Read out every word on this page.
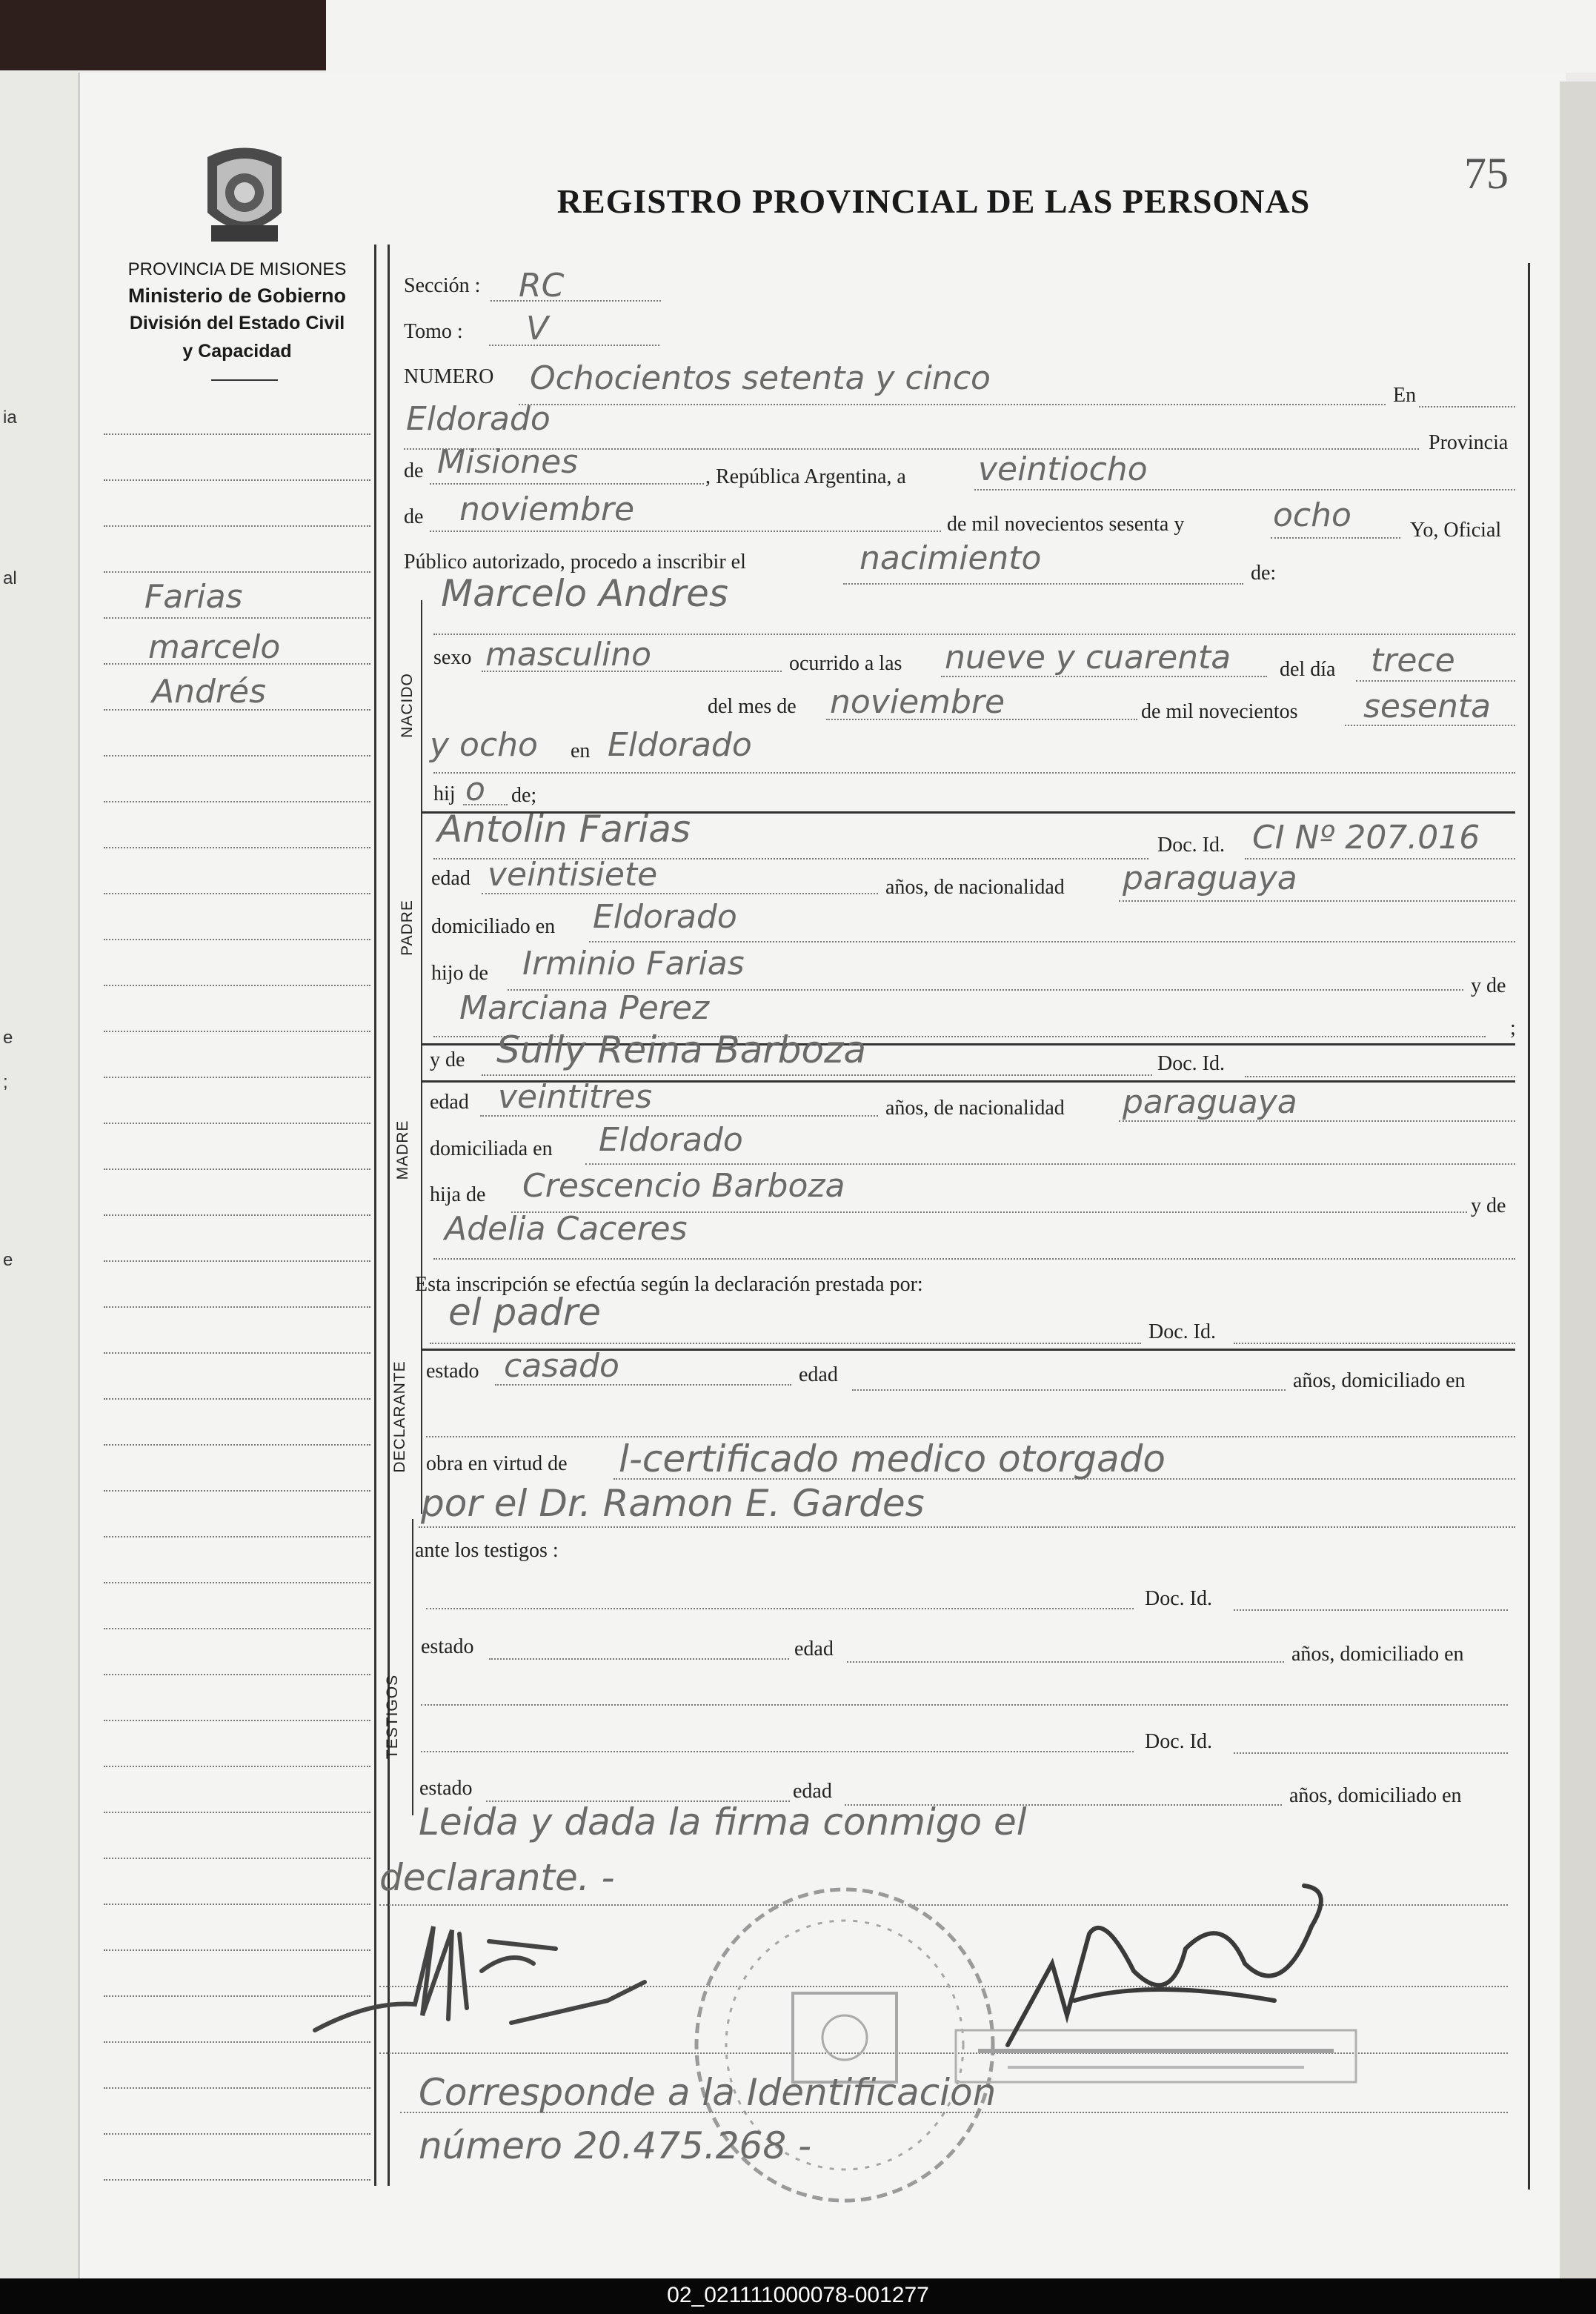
ia
al
e
;
e
REGISTRO PROVINCIAL DE LAS PERSONAS
75
PROVINCIA DE MISIONES
Ministerio de Gobierno
División del Estado Civil
y Capacidad
Farias
marcelo
Andrés	NACIDO
PADRE
MADRE
DECLARANTE
TESTIGOS
Sección : RC
Tomo : V
NUMERO Ochocientos setenta y cinco	En
Eldorado
Provincia
de Misiones	, República Argentina, a veintiocho
de noviembre	de mil novecientos sesenta y	ocho	Yo, Oficial
Público autorizado, procedo a inscribir el	nacimiento	de:
Marcelo Andres
sexo masculino	ocurrido a las nueve y cuarenta del día trece
del mes de noviembre	de mil novecientos sesenta
y ocho en Eldorado
hij o de;
Antolin Farias	Doc. Id. CI Nº 207.016
edad veintisiete	años, de nacionalidad paraguaya
domiciliado en Eldorado
hijo de Irminio Farias
y de
Marciana Perez
;
y de Sully Reina Barboza	Doc. Id.
edad veintitres	años, de nacionalidad paraguaya
domiciliada en Eldorado
hija de Crescencio Barboza
y de
Adelia Caceres
Esta inscripción se efectúa según la declaración prestada por:
el padre	Doc. Id.
estado casado	edad	años, domiciliado en
obra en virtud de l-certificado medico otorgado
por el Dr. Ramon E. Gardes
ante los testigos :
Doc. Id.
estado	edad	años, domiciliado en
Doc. Id.
estado	edad	años, domiciliado en
Leida y dada la firma conmigo el
declarante. -
Corresponde a la Identificacion
número 20.475.268 -
02_021111000078-001277
